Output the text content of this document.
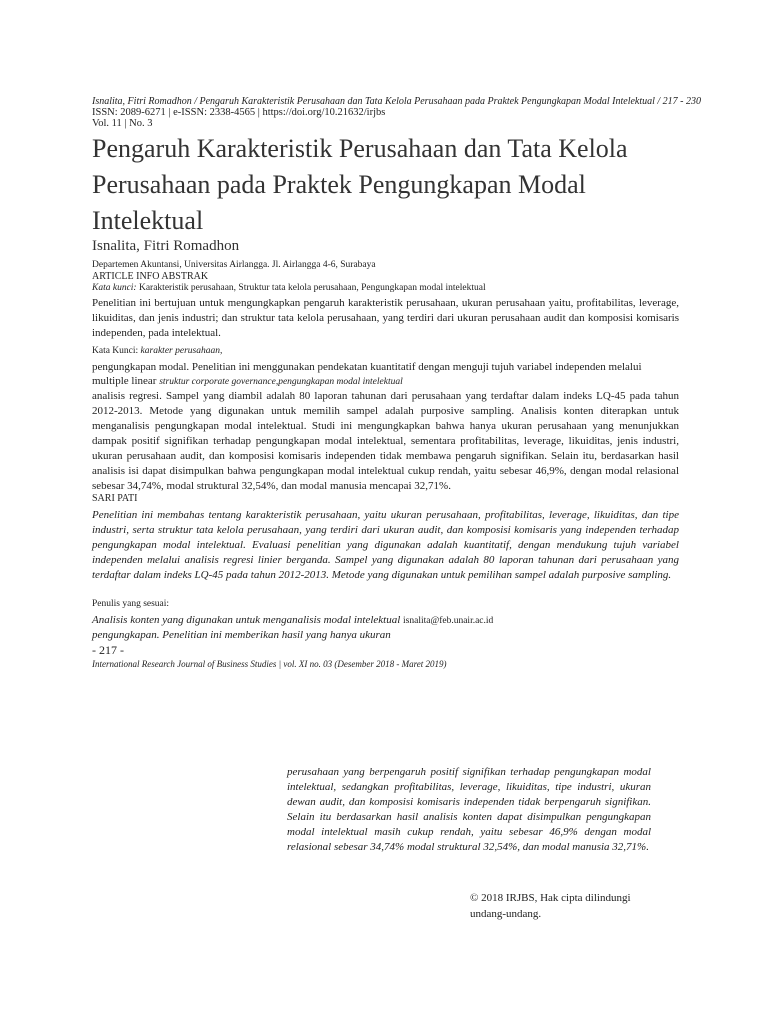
Isnalita, Fitri Romadhon / Pengaruh Karakteristik Perusahaan dan Tata Kelola Perusahaan pada Praktek Pengungkapan Modal Intelektual / 217 - 230
ISSN: 2089-6271 | e-ISSN: 2338-4565 | https://doi.org/10.21632/irjbs
Vol. 11 | No. 3
Pengaruh Karakteristik Perusahaan dan Tata Kelola Perusahaan pada Praktek Pengungkapan Modal Intelektual
Isnalita, Fitri Romadhon
Departemen Akuntansi, Universitas Airlangga. Jl. Airlangga 4-6, Surabaya
ARTICLE INFO ABSTRAK
Kata kunci: Karakteristik perusahaan, Struktur tata kelola perusahaan, Pengungkapan modal intelektual
Penelitian ini bertujuan untuk mengungkapkan pengaruh karakteristik perusahaan, ukuran perusahaan yaitu, profitabilitas, leverage, likuiditas, dan jenis industri; dan struktur tata kelola perusahaan, yang terdiri dari ukuran perusahaan audit dan komposisi komisaris independen, pada intelektual.
Kata Kunci: karakter perusahaan,
pengungkapan modal. Penelitian ini menggunakan pendekatan kuantitatif dengan menguji tujuh variabel independen melalui
multiple linear struktur corporate governance,pengungkapan modal intelektual
analisis regresi. Sampel yang diambil adalah 80 laporan tahunan dari perusahaan yang terdaftar dalam indeks LQ-45 pada tahun 2012-2013. Metode yang digunakan untuk memilih sampel adalah purposive sampling. Analisis konten diterapkan untuk menganalisis pengungkapan modal intelektual. Studi ini mengungkapkan bahwa hanya ukuran perusahaan yang menunjukkan dampak positif signifikan terhadap pengungkapan modal intelektual, sementara profitabilitas, leverage, likuiditas, jenis industri, ukuran perusahaan audit, dan komposisi komisaris independen tidak membawa pengaruh signifikan. Selain itu, berdasarkan hasil analisis isi dapat disimpulkan bahwa pengungkapan modal intelektual cukup rendah, yaitu sebesar 46,9%, dengan modal relasional sebesar 34,74%, modal struktural 32,54%, dan modal manusia mencapai 32,71%.
SARI PATI
Penelitian ini membahas tentang karakteristik perusahaan, yaitu ukuran perusahaan, profitabilitas, leverage, likuiditas, dan tipe industri, serta struktur tata kelola perusahaan, yang terdiri dari ukuran audit, dan komposisi komisaris yang independen terhadap pengungkapan modal intelektual. Evaluasi penelitian yang digunakan adalah kuantitatif, dengan mendukung tujuh variabel independen melalui analisis regresi linier berganda. Sampel yang digunakan adalah 80 laporan tahunan dari perusahaan yang terdaftar dalam indeks LQ-45 pada tahun 2012-2013. Metode yang digunakan untuk pemilihan sampel adalah purposive sampling.
Penulis yang sesuai:
Analisis konten yang digunakan untuk menganalisis modal intelektual isnalita@feb.unair.ac.id
pengungkapan. Penelitian ini memberikan hasil yang hanya ukuran
- 217 -
International Research Journal of Business Studies | vol. XI no. 03 (Desember 2018 - Maret 2019)
perusahaan yang berpengaruh positif signifikan terhadap pengungkapan modal intelektual, sedangkan profitabilitas, leverage, likuiditas, tipe industri, ukuran dewan audit, dan komposisi komisaris independen tidak berpengaruh signifikan. Selain itu berdasarkan hasil analisis konten dapat disimpulkan pengungkapan modal intelektual masih cukup rendah, yaitu sebesar 46,9% dengan modal relasional sebesar 34,74% modal struktural 32,54%, dan modal manusia 32,71%.
© 2018 IRJBS, Hak cipta dilindungi undang-undang.
